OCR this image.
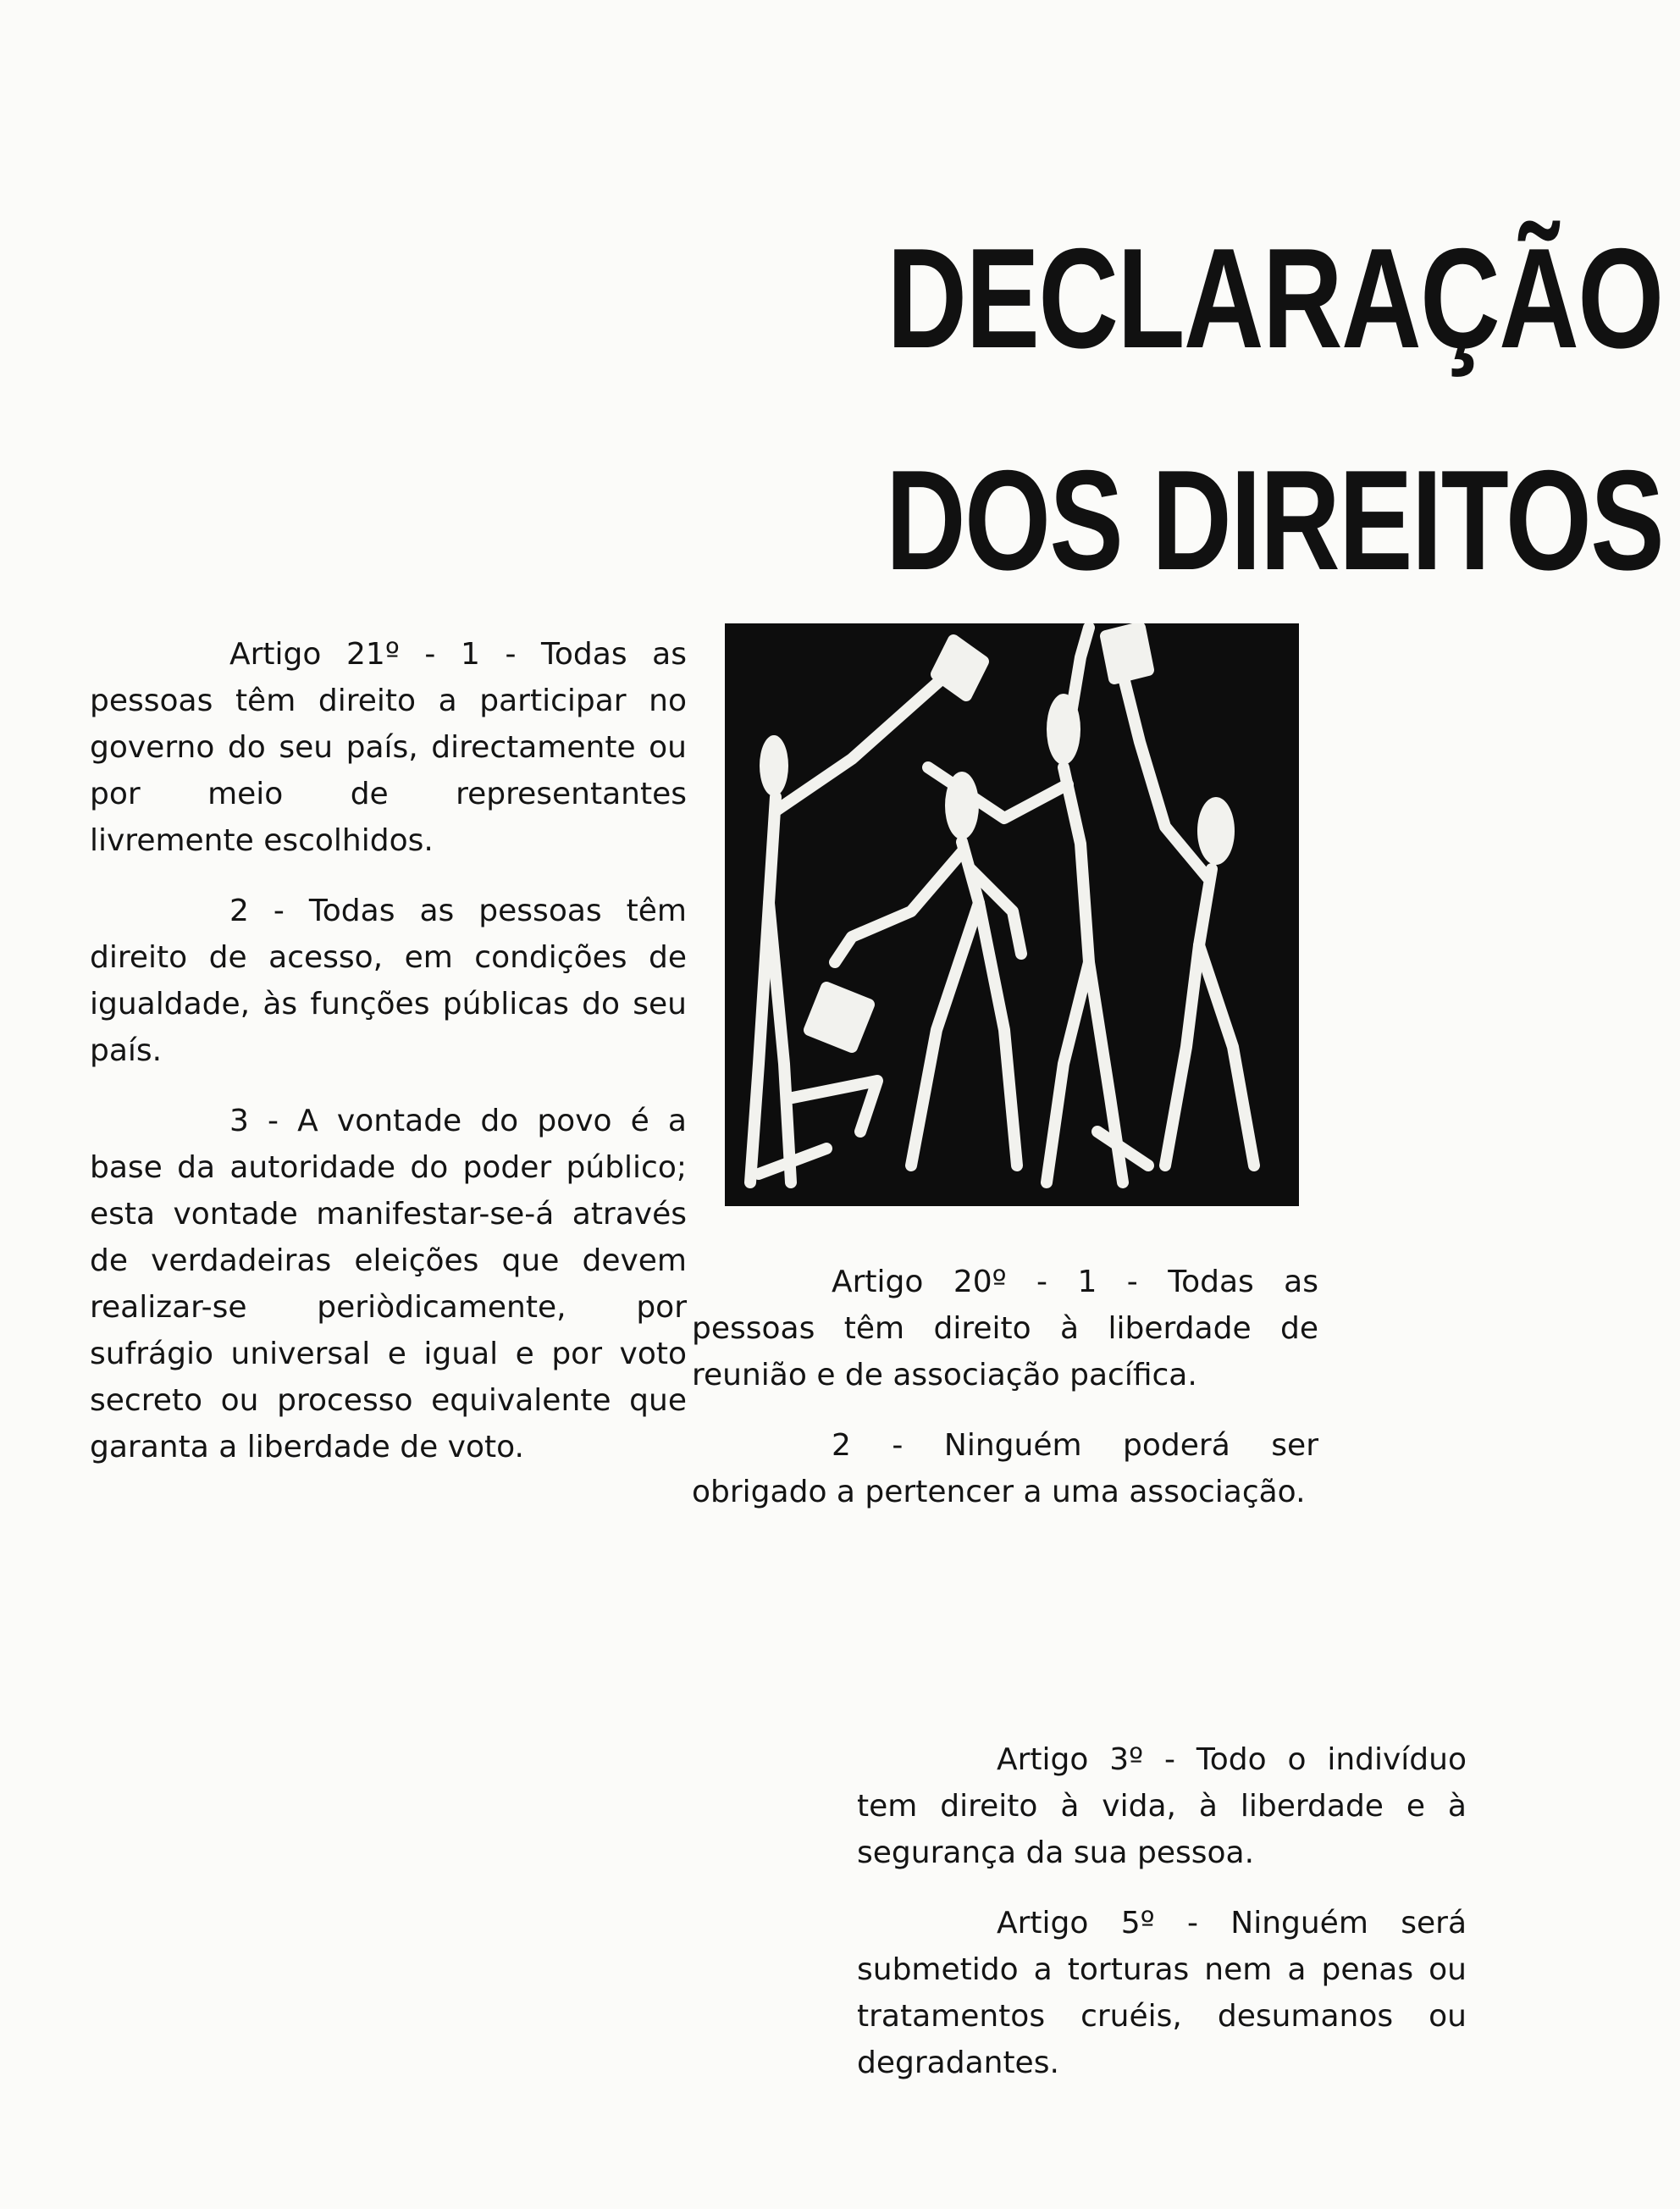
DECLARAÇÃO
DOS DIREITOS

Artigo 21º - 1 - Todas as pessoas têm direito a participar no governo do seu país, directamente ou por meio de representantes livremente escolhidos.

2 - Todas as pessoas têm direito de acesso, em condições de igualdade, às funções públicas do seu país.

3 - A vontade do povo é a base da autoridade do poder público; esta vontade manifestar-se-á através de verdadeiras eleições que devem realizar-se periòdicamente, por sufrágio universal e igual e por voto secreto ou processo equivalente que garanta a liberdade de voto.

Artigo 20º - 1 - Todas as pessoas têm direito à liberdade de reunião e de associação pacífica.

2 - Ninguém poderá ser obrigado a pertencer a uma associação.

Artigo 3º - Todo o indivíduo tem direito à vida, à liberdade e à segurança da sua pessoa.

Artigo 5º - Ninguém será submetido a torturas nem a penas ou tratamentos cruéis, desumanos ou degradantes.
